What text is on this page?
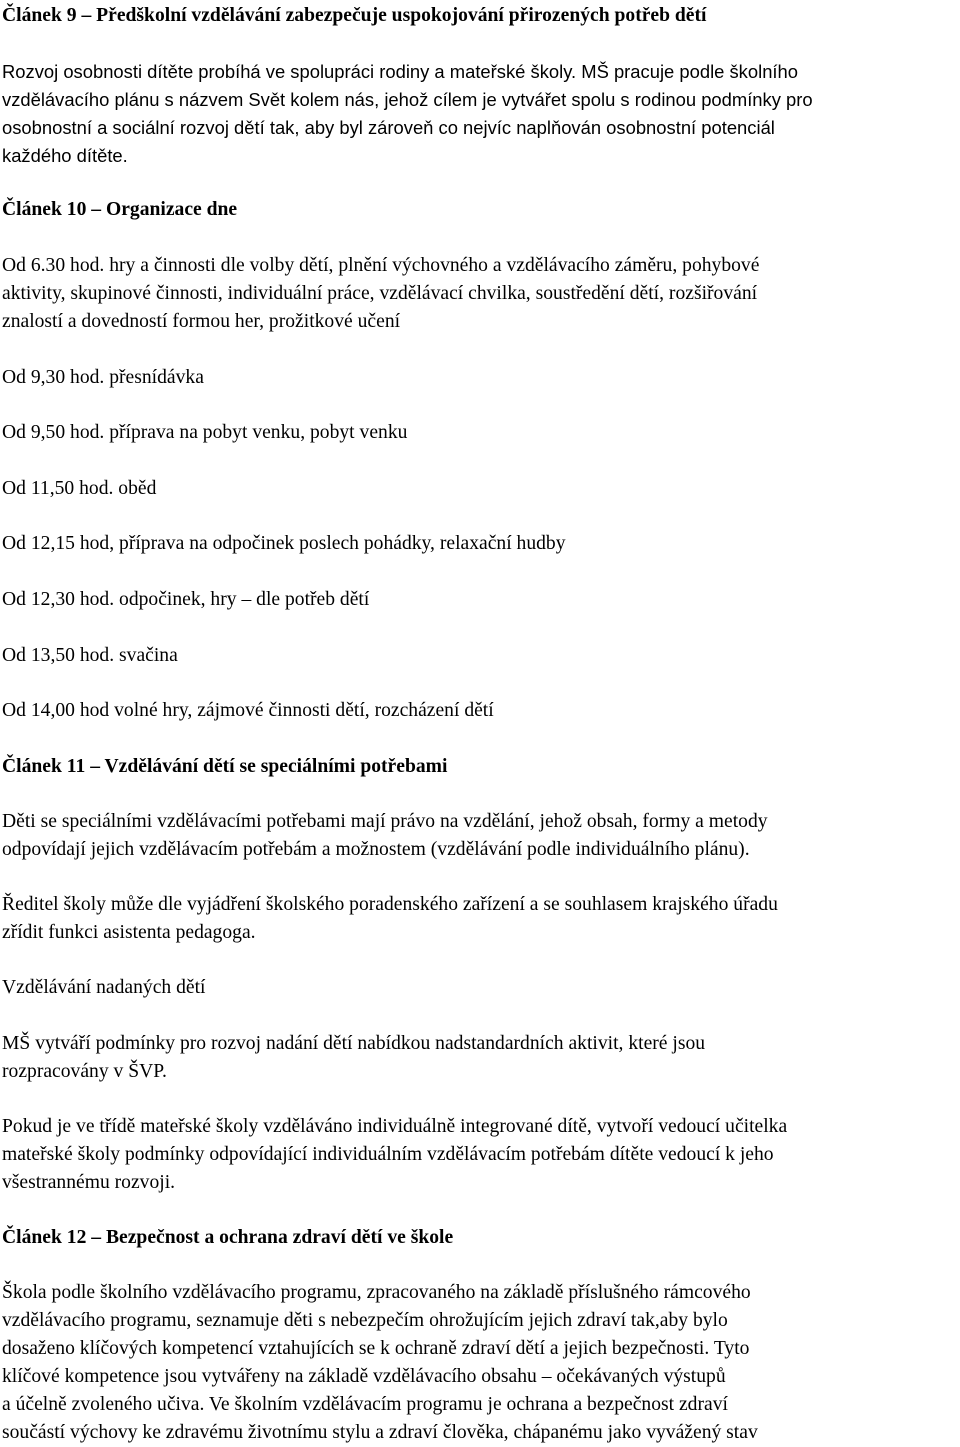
Článek 9 – Předškolní vzdělávání zabezpečuje uspokojování přirozených potřeb dětí
Rozvoj osobnosti dítěte probíhá ve spolupráci rodiny a mateřské školy. MŠ pracuje podle školního
vzdělávacího plánu s názvem Svět kolem nás, jehož cílem je vytvářet spolu s rodinou podmínky pro
osobnostní a sociální rozvoj dětí tak, aby byl zároveň co nejvíc naplňován osobnostní potenciál
každého dítěte.
Článek 10 – Organizace dne
Od 6.30 hod. hry a činnosti dle volby dětí, plnění výchovného a vzdělávacího záměru, pohybové
aktivity, skupinové činnosti, individuální práce, vzdělávací chvilka, soustředění dětí, rozšiřování
znalostí a dovedností formou her, prožitkové učení
Od 9,30 hod. přesnídávka
Od 9,50 hod. příprava na pobyt venku, pobyt venku
Od 11,50 hod. oběd
Od 12,15 hod, příprava na odpočinek poslech pohádky, relaxační hudby
Od 12,30 hod. odpočinek, hry – dle potřeb dětí
Od 13,50 hod. svačina
Od 14,00 hod volné hry, zájmové činnosti dětí, rozcházení dětí
Článek 11 – Vzdělávání dětí se speciálními potřebami
Děti se speciálními vzdělávacími potřebami mají právo na vzdělání, jehož obsah, formy a metody
odpovídají jejich vzdělávacím potřebám a možnostem (vzdělávání podle individuálního plánu).
Ředitel školy může dle vyjádření školského poradenského zařízení a se souhlasem krajského úřadu
zřídit funkci asistenta pedagoga.
Vzdělávání nadaných dětí
MŠ vytváří podmínky pro rozvoj nadání dětí nabídkou nadstandardních aktivit, které jsou
rozpracovány v ŠVP.
Pokud je ve třídě mateřské školy vzděláváno individuálně integrované dítě, vytvoří vedoucí učitelka
mateřské školy podmínky odpovídající individuálním vzdělávacím potřebám dítěte vedoucí k jeho
všestrannému rozvoji.
Článek 12 – Bezpečnost a ochrana zdraví dětí ve škole
Škola podle školního vzdělávacího programu, zpracovaného na základě příslušného rámcového
vzdělávacího programu, seznamuje děti s nebezpečím ohrožujícím jejich zdraví tak,aby bylo
dosaženo klíčových kompetencí vztahujících se k ochraně zdraví dětí a jejich bezpečnosti. Tyto
klíčové kompetence jsou vytvářeny na základě vzdělávacího obsahu – očekávaných výstupů
a účelně zvoleného učiva. Ve školním vzdělávacím programu je ochrana a bezpečnost zdraví
součástí výchovy ke zdravému životnímu stylu a zdraví člověka, chápanému jako vyvážený stav
